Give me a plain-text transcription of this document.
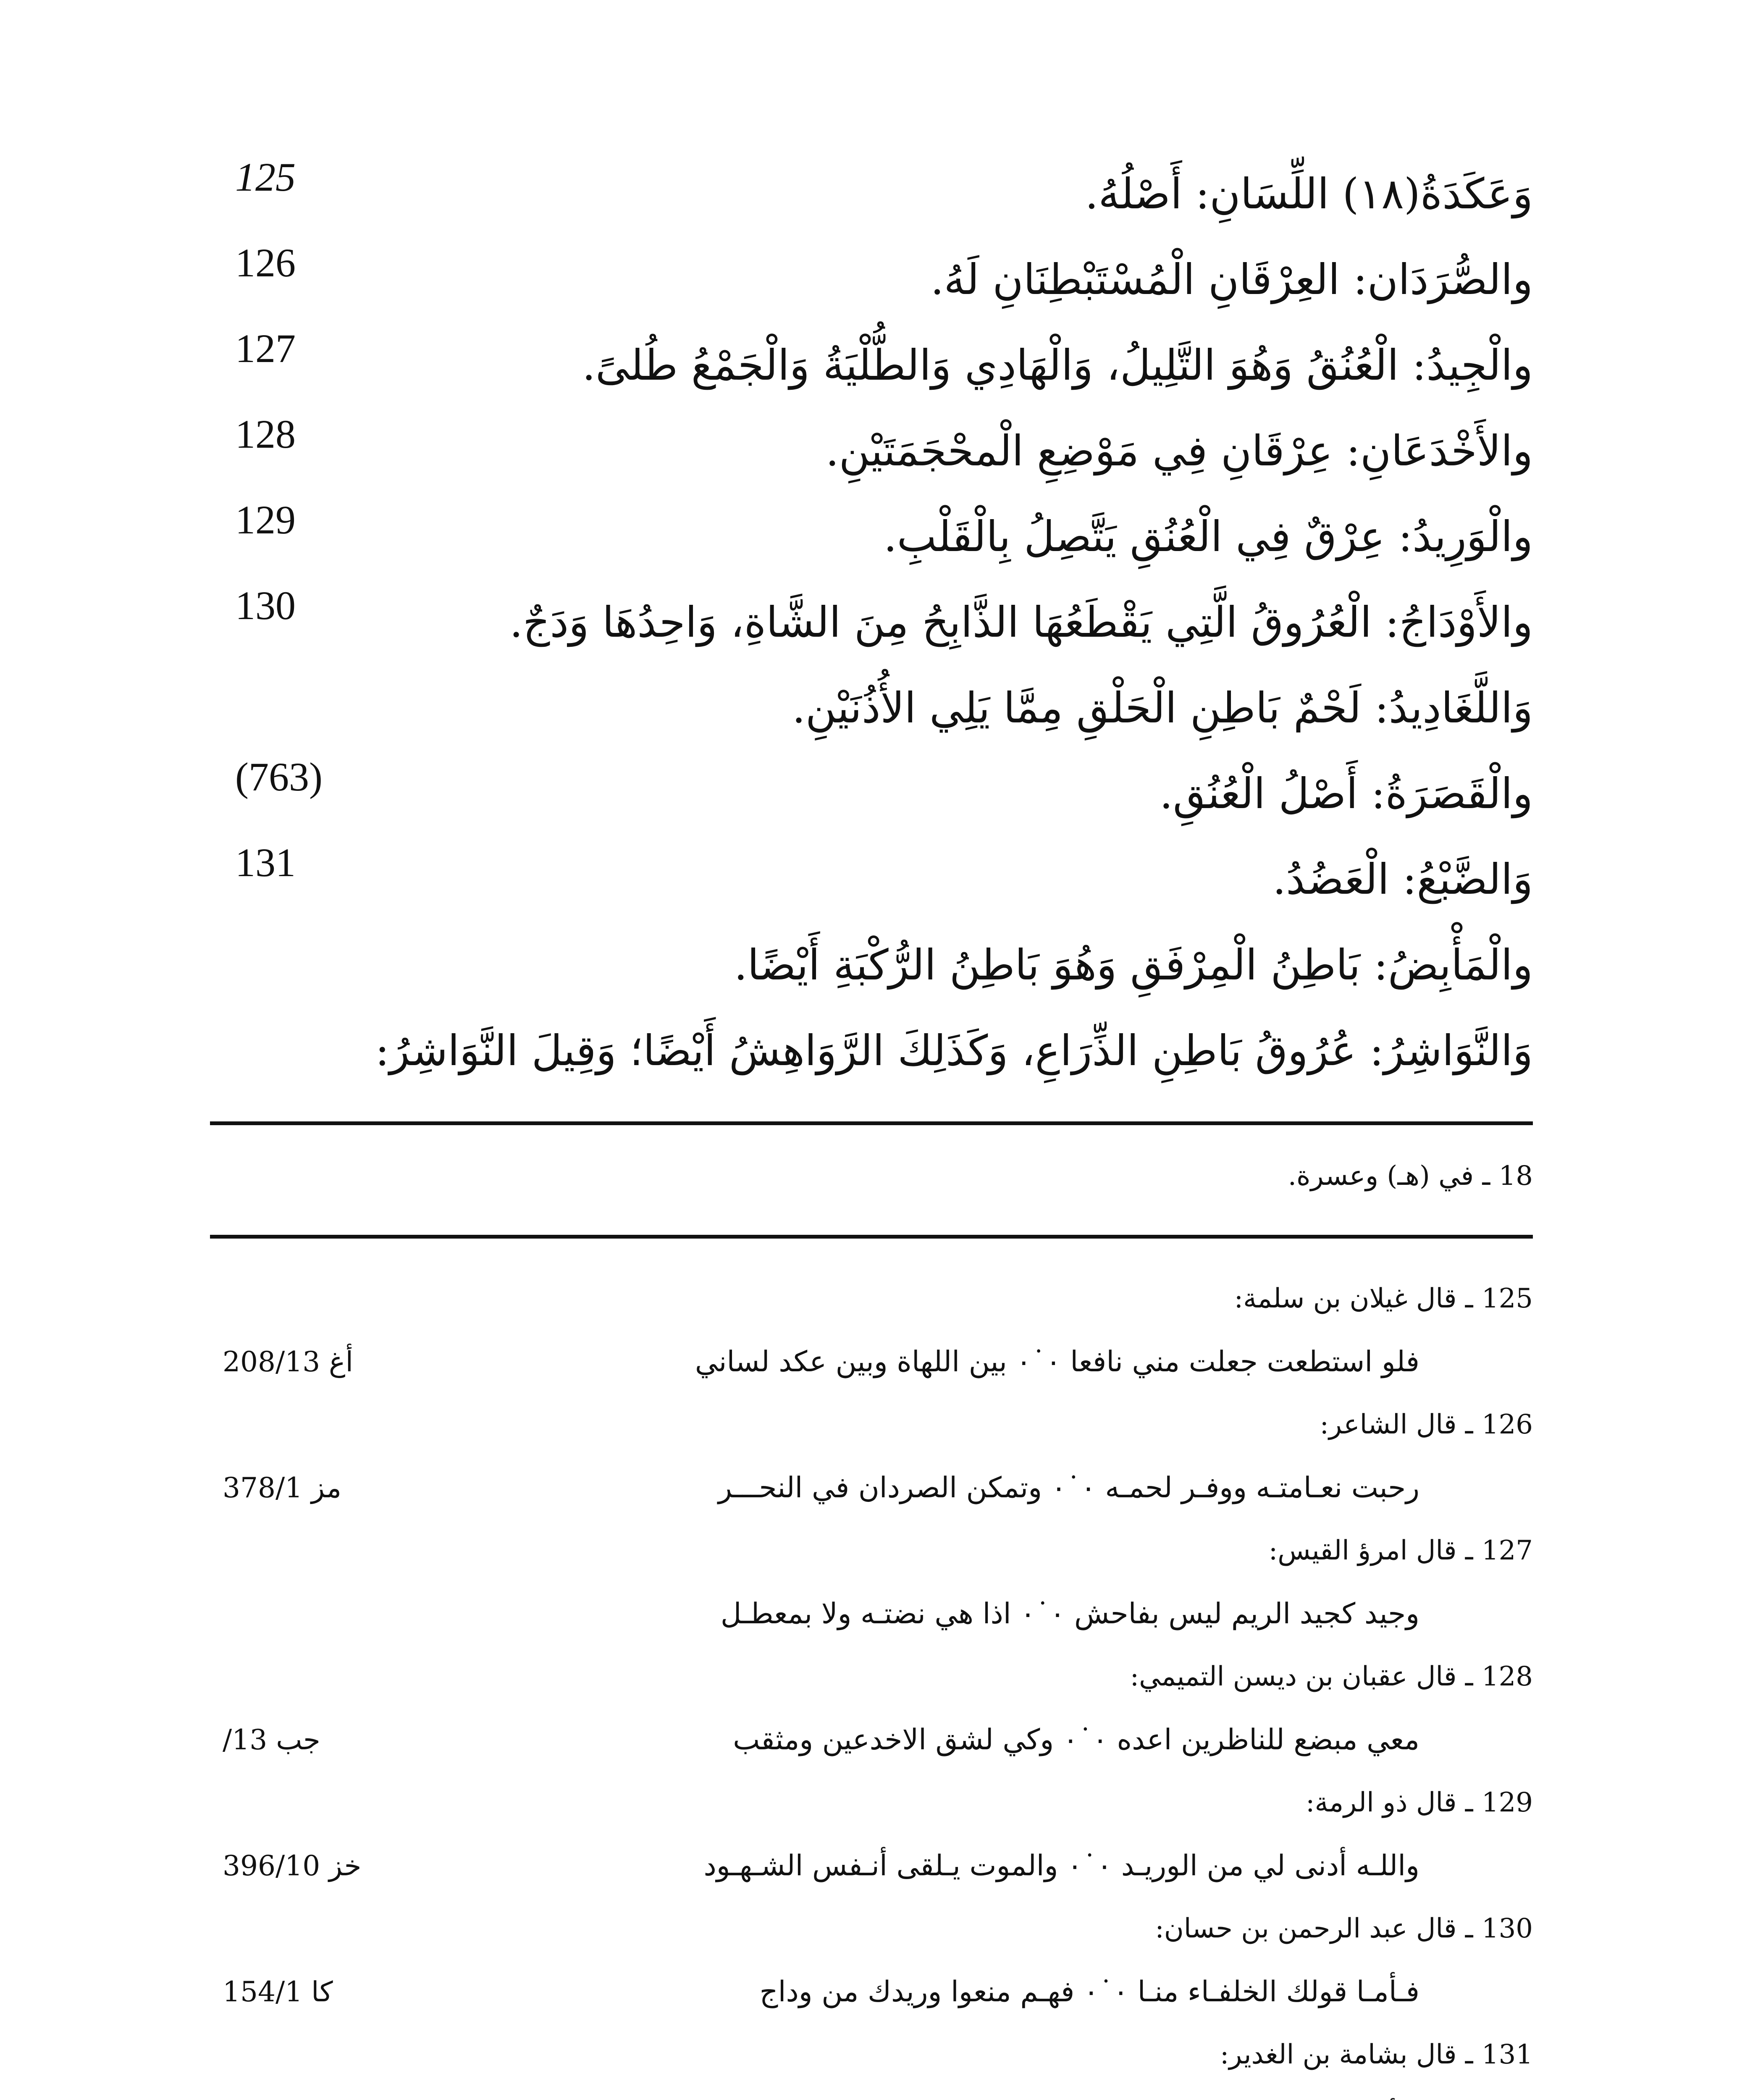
وَعَكَدَةُ(١٨) اللِّسَانِ: أَصْلُهُ.
125
والصُّرَدَان: العِرْقَانِ الْمُسْتَبْطِنَانِ لَهُ.
126
والْجِيدُ: الْعُنُقُ وَهُوَ التَّلِيلُ، وَالْهَادِي وَالطُّلْيَةُ وَالْجَمْعُ طُلىً.
127
والأَخْدَعَانِ: عِرْقَانِ فِي مَوْضِعِ الْمحْجَمَتَيْنِ.
128
والْوَرِيدُ: عِرْقٌ فِي الْعُنُقِ يَتَّصِلُ بِالْقَلْبِ.
129
والأَوْدَاجُ: الْعُرُوقُ الَّتِي يَقْطَعُهَا الذَّابِحُ مِنَ الشَّاةِ، وَاحِدُهَا وَدَجٌ.
130
وَاللَّغَادِيدُ: لَحْمٌ بَاطِنِ الْحَلْقِ مِمَّا يَلِي الأُذُنَيْنِ.
والْقَصَرَةُ: أَصْلُ الْعُنُقِ.
(763)
وَالضَّبْعُ: الْعَضُدُ.
131
والْمَأْبِضُ: بَاطِنُ الْمِرْفَقِ وَهُوَ بَاطِنُ الرُّكْبَةِ أَيْضًا.
وَالنَّوَاشِرُ: عُرُوقُ بَاطِنِ الذِّرَاعِ، وَكَذَلِكَ الرَّوَاهِشُ أَيْضًا؛ وَقِيلَ النَّوَاشِرُ:
18 ـ في (هـ) وعسرة.
125 ـ قال غيلان بن سلمة:
فلو استطعت جعلت مني نافعا ٠˙٠ بين اللهاة وبين عكد لساني
أغ 208/13
126 ـ قال الشاعر:
رحبت نعـامتـه ووفـر لحمـه ٠˙٠ وتمكن الصردان في النحـــر
مز 378/1
127 ـ قال امرؤ القيس:
وجيد كجيد الريم ليس بفاحش ٠˙٠ اذا هي نضتـه ولا بمعطـل
128 ـ قال عقبان بن ديسن التميمي:
معي مبضع للناظرين اعده ٠˙٠ وكي لشق الاخدعين ومثقب
جب 13/
129 ـ قال ذو الرمة:
واللـه أدنى لي من الوريـد ٠˙٠ والموت يـلقى أنـفس الشـهـود
خز 396/10
130 ـ قال عبد الرحمن بن حسان:
فـأمـا قولك الخلفـاء منـا ٠˙٠ فهـم منعوا وريدك من وداج
كا 154/1
131 ـ قال بشامة بن الغدير:
